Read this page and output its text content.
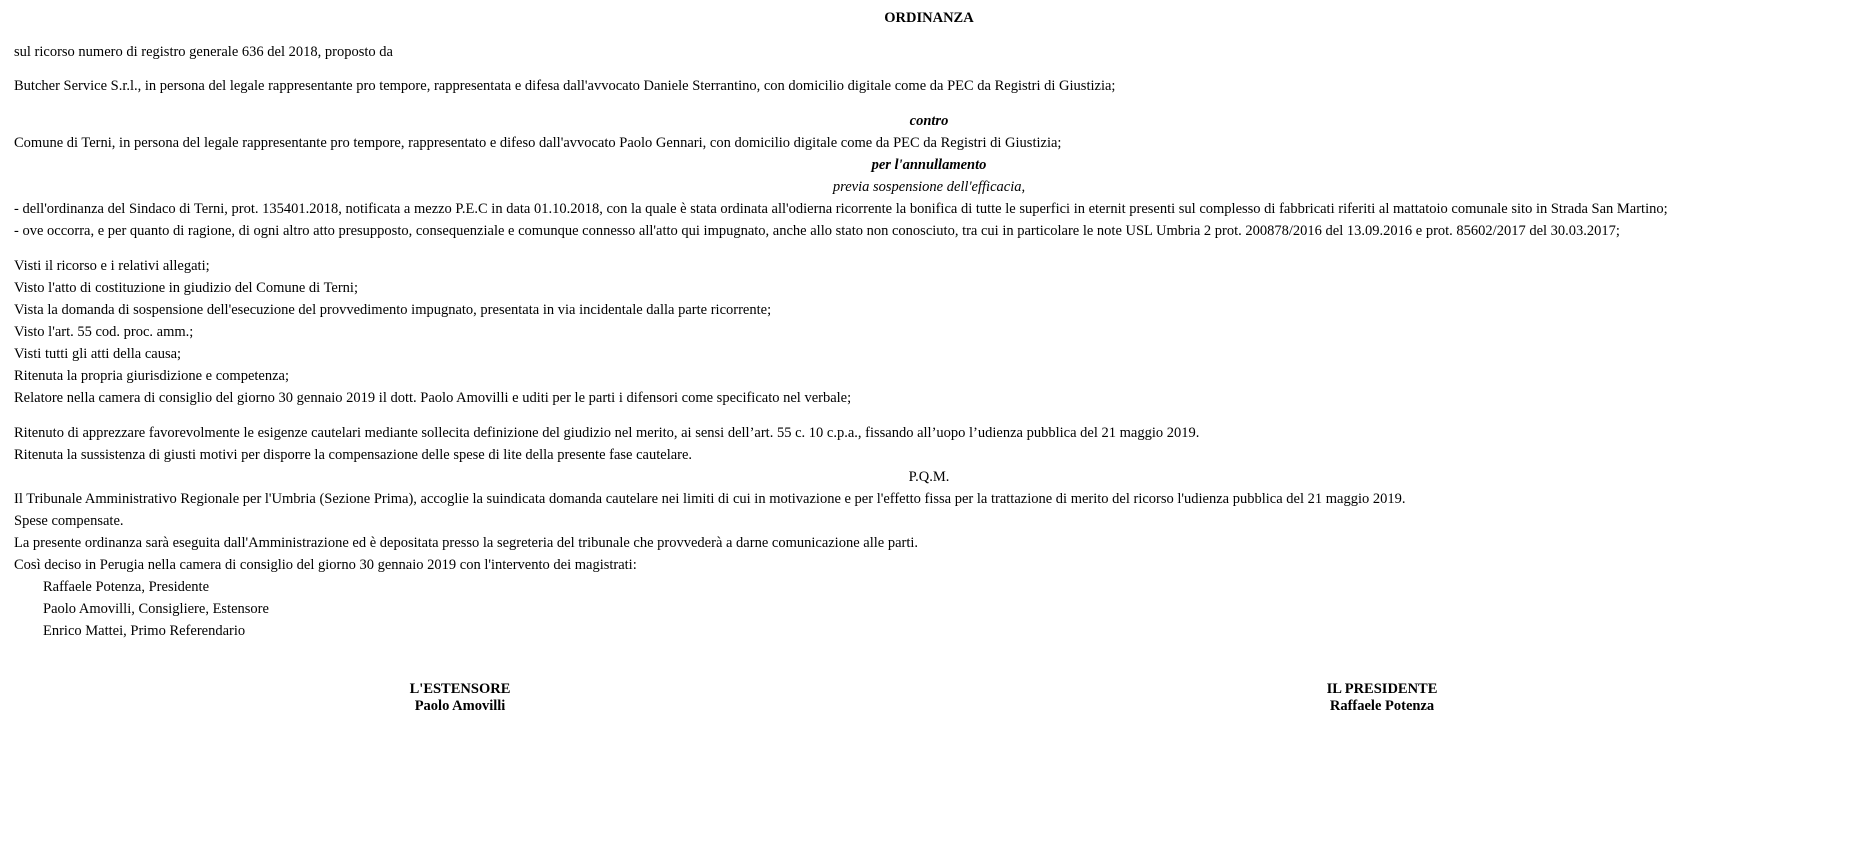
ORDINANZA
sul ricorso numero di registro generale 636 del 2018, proposto da
Butcher Service S.r.l., in persona del legale rappresentante pro tempore, rappresentata e difesa dall'avvocato Daniele Sterrantino, con domicilio digitale come da PEC da Registri di Giustizia;
contro
Comune di Terni, in persona del legale rappresentante pro tempore, rappresentato e difeso dall'avvocato Paolo Gennari, con domicilio digitale come da PEC da Registri di Giustizia;
per l'annullamento
previa sospensione dell'efficacia,
- dell'ordinanza del Sindaco di Terni, prot. 135401.2018, notificata a mezzo P.E.C in data 01.10.2018, con la quale è stata ordinata all'odierna ricorrente la bonifica di tutte le superfici in eternit presenti sul complesso di fabbricati riferiti al mattatoio comunale sito in Strada San Martino;
- ove occorra, e per quanto di ragione, di ogni altro atto presupposto, consequenziale e comunque connesso all'atto qui impugnato, anche allo stato non conosciuto, tra cui in particolare le note USL Umbria 2 prot. 200878/2016 del 13.09.2016 e prot. 85602/2017 del 30.03.2017;
Visti il ricorso e i relativi allegati;
Visto l'atto di costituzione in giudizio del Comune di Terni;
Vista la domanda di sospensione dell'esecuzione del provvedimento impugnato, presentata in via incidentale dalla parte ricorrente;
Visto l'art. 55 cod. proc. amm.;
Visti tutti gli atti della causa;
Ritenuta la propria giurisdizione e competenza;
Relatore nella camera di consiglio del giorno 30 gennaio 2019 il dott. Paolo Amovilli e uditi per le parti i difensori come specificato nel verbale;
Ritenuto di apprezzare favorevolmente le esigenze cautelari mediante sollecita definizione del giudizio nel merito, ai sensi dell’art. 55 c. 10 c.p.a., fissando all’uopo l’udienza pubblica del 21 maggio 2019.
Ritenuta la sussistenza di giusti motivi per disporre la compensazione delle spese di lite della presente fase cautelare.
P.Q.M.
Il Tribunale Amministrativo Regionale per l'Umbria (Sezione Prima), accoglie la suindicata domanda cautelare nei limiti di cui in motivazione e per l'effetto fissa per la trattazione di merito del ricorso l'udienza pubblica del 21 maggio 2019.
Spese compensate.
La presente ordinanza sarà eseguita dall'Amministrazione ed è depositata presso la segreteria del tribunale che provvederà a darne comunicazione alle parti.
Così deciso in Perugia nella camera di consiglio del giorno 30 gennaio 2019 con l'intervento dei magistrati:
Raffaele Potenza, Presidente
Paolo Amovilli, Consigliere, Estensore
Enrico Mattei, Primo Referendario
L'ESTENSORE
Paolo Amovilli
IL PRESIDENTE
Raffaele Potenza
